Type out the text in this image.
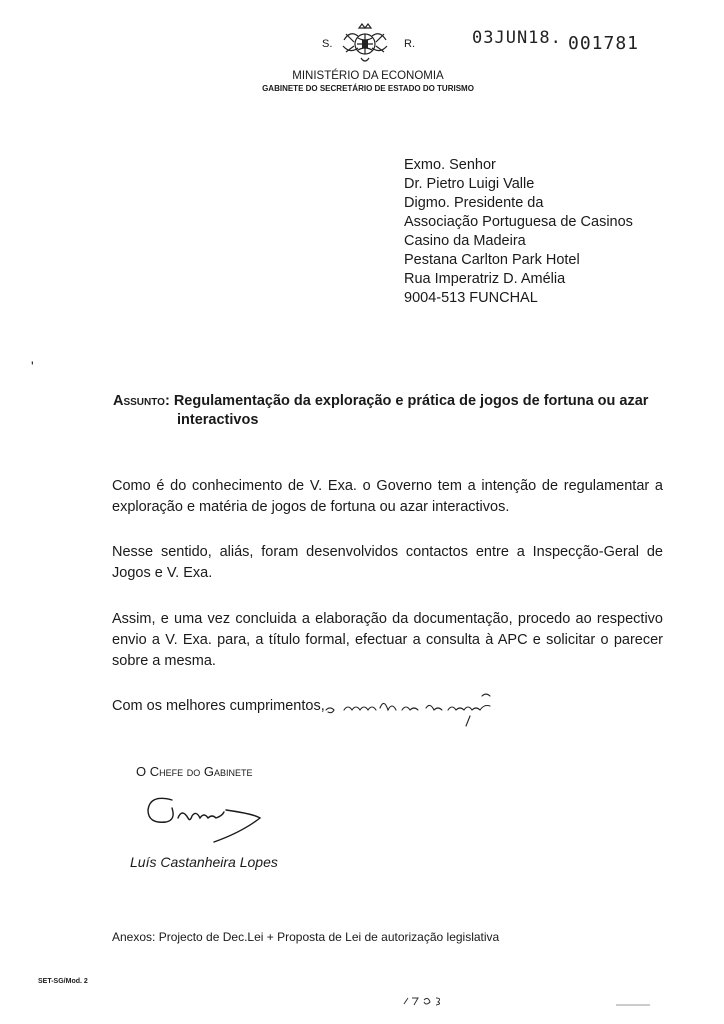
S.	R.	03JUN18. 001781
MINISTÉRIO DA ECONOMIA
GABINETE DO SECRETÁRIO DE ESTADO DO TURISMO
Exmo. Senhor
Dr. Pietro Luigi Valle
Digmo. Presidente da
Associação Portuguesa de Casinos
Casino da Madeira
Pestana Carlton Park Hotel
Rua Imperatriz D. Amélia
9004-513 FUNCHAL
'
Assunto: Regulamentação da exploração e prática de jogos de fortuna ou azar
interactivos
Como é do conhecimento de V. Exa. o Governo tem a intenção de regulamentar a exploração e matéria de jogos de fortuna ou azar interactivos.
Nesse sentido, aliás, foram desenvolvidos contactos entre a Inspecção-Geral de Jogos e V. Exa.
Assim, e uma vez concluida a elaboração da documentação, procedo ao respectivo envio a V. Exa. para, a título formal, efectuar a consulta à APC e solicitar o parecer sobre a mesma.
Com os melhores cumprimentos,
O Chefe do Gabinete
Luís Castanheira Lopes
Anexos: Projecto de Dec.Lei + Proposta de Lei de autorização legislativa
SET-SG/Mod. 2
